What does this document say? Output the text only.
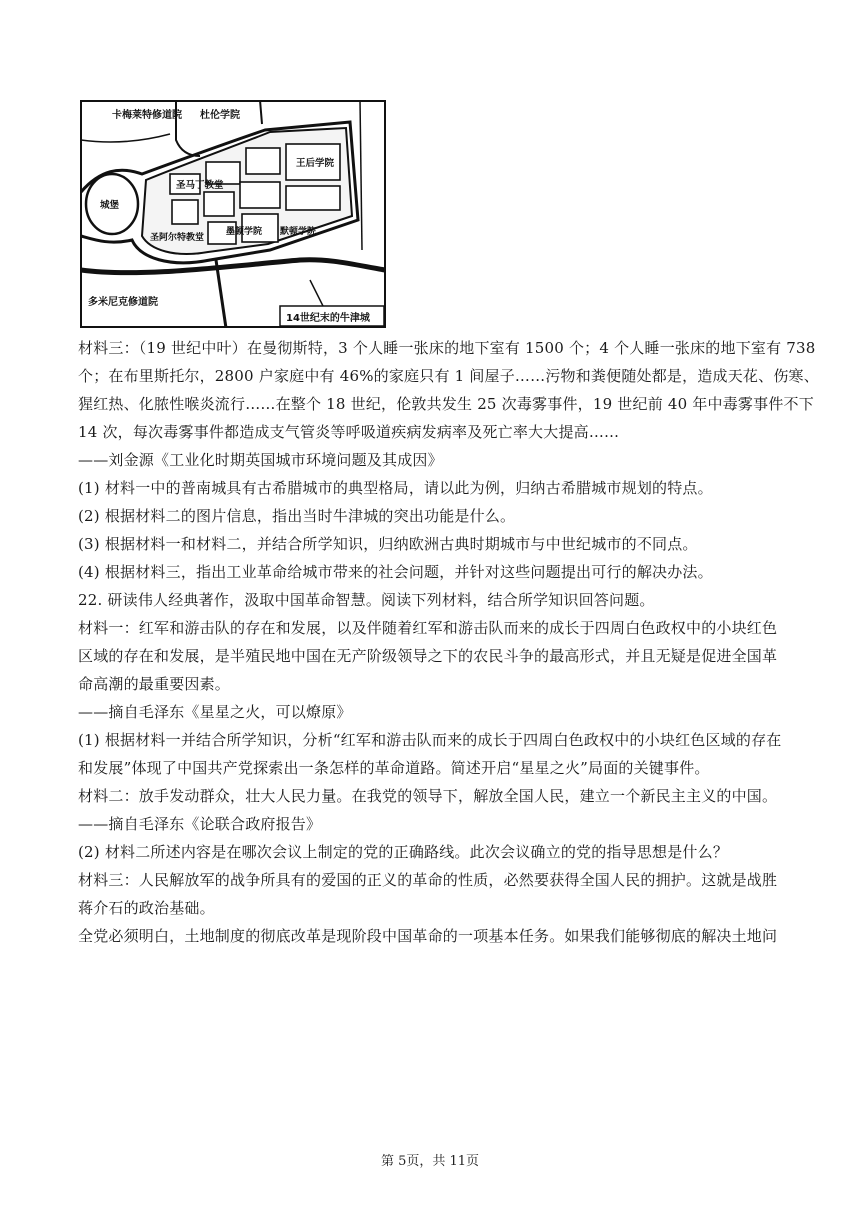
卡梅莱特修道院 杜伦学院
王后学院
圣马丁教堂
城堡
圣阿尔特教堂
墨顿学院 默顿学院
多米尼克修道院
14世纪末的牛津城

材料三：（19 世纪中叶）在曼彻斯特，3 个人睡一张床的地下室有 1500 个；4 个人睡一张床的地下室有 738

个；在布里斯托尔，2800 户家庭中有 46%的家庭只有 1 间屋子……污物和粪便随处都是，造成天花、伤寒、

猩红热、化脓性喉炎流行……在整个 18 世纪，伦敦共发生 25 次毒雾事件，19 世纪前 40 年中毒雾事件不下

14 次，每次毒雾事件都造成支气管炎等呼吸道疾病发病率及死亡率大大提高……

——刘金源《工业化时期英国城市环境问题及其成因》

(1) 材料一中的普南城具有古希腊城市的典型格局，请以此为例，归纳古希腊城市规划的特点。

(2) 根据材料二的图片信息，指出当时牛津城的突出功能是什么。

(3) 根据材料一和材料二，并结合所学知识，归纳欧洲古典时期城市与中世纪城市的不同点。

(4) 根据材料三，指出工业革命给城市带来的社会问题，并针对这些问题提出可行的解决办法。

22. 研读伟人经典著作，汲取中国革命智慧。阅读下列材料，结合所学知识回答问题。

材料一：红军和游击队的存在和发展，以及伴随着红军和游击队而来的成长于四周白色政权中的小块红色

区域的存在和发展，是半殖民地中国在无产阶级领导之下的农民斗争的最高形式，并且无疑是促进全国革

命高潮的最重要因素。

——摘自毛泽东《星星之火，可以燎原》

(1) 根据材料一并结合所学知识，分析“红军和游击队而来的成长于四周白色政权中的小块红色区域的存在

和发展”体现了中国共产党探索出一条怎样的革命道路。简述开启“星星之火”局面的关键事件。

材料二：放手发动群众，壮大人民力量。在我党的领导下，解放全国人民，建立一个新民主主义的中国。

——摘自毛泽东《论联合政府报告》

(2) 材料二所述内容是在哪次会议上制定的党的正确路线。此次会议确立的党的指导思想是什么？

材料三：人民解放军的战争所具有的爱国的正义的革命的性质，必然要获得全国人民的拥护。这就是战胜

蒋介石的政治基础。

全党必须明白，土地制度的彻底改革是现阶段中国革命的一项基本任务。如果我们能够彻底的解决土地问

第 5页，共 11页
